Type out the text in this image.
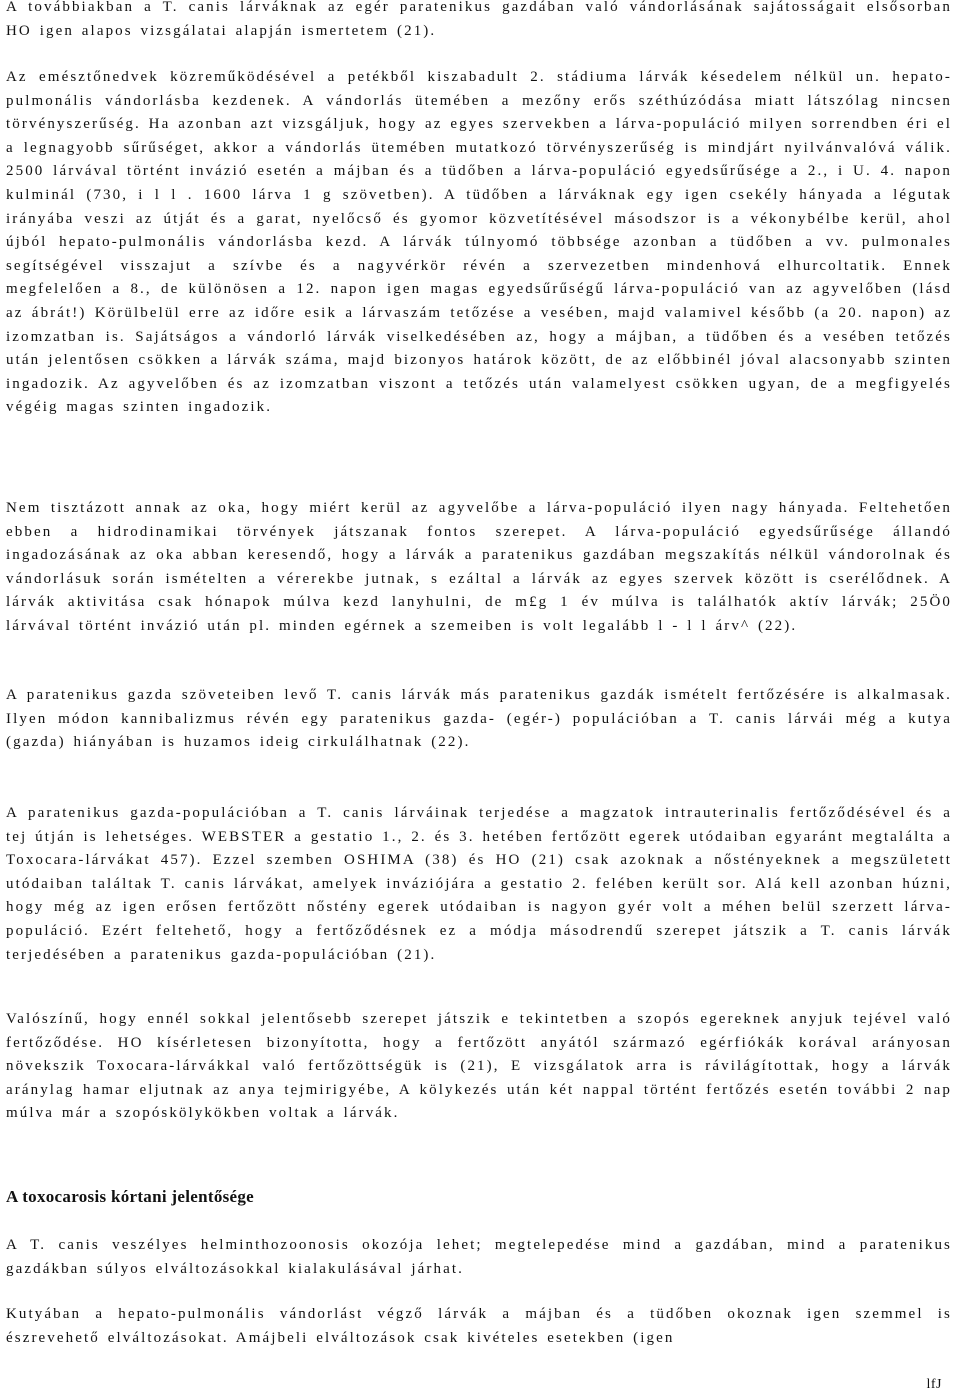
A továbbiakban a T. canis lárváknak az egér paratenikus gazdában való vándorlásának sajátosságait elsősorban HO igen alapos vizsgálatai alapján ismertetem (21).

Az emésztőnedvek közreműködésével a petékből kiszabadult 2. stádiuma lárvák késedelem nélkül un. hepato-pulmonális vándorlásba kezdenek. A vándorlás ütemében a mezőny erős széthúzódása miatt látszólag nincsen törvényszerűség. Ha azonban azt vizsgáljuk, hogy az egyes szervekben a lárva-populáció milyen sorrendben éri el a legnagyobb sűrűséget, akkor a vándorlás ütemében mutatkozó törvényszerűség is mindjárt nyilvánvalóvá válik. 2500 lárvával történt invázió esetén a májban és a tüdőben a lárva-populáció egyedsűrűsége a 2., i U. 4. napon kulminál (730, i l l . 1600 lárva 1 g szövetben). A tüdőben a lárváknak egy igen csekély hányada a légutak irányába veszi az útját és a garat, nyelőcső és gyomor közvetítésével másodszor is a vékonybélbe kerül, ahol újból hepato-pulmonális vándorlásba kezd. A lárvák túlnyomó többsége azonban a tüdőben a vv. pulmonales segítségével visszajut a szívbe és a nagyvérkör révén a szervezetben mindenhová elhurcoltatik. Ennek megfelelően a 8., de különösen a 12. napon igen magas egyedsűrűségű lárva-populáció van az agyvelőben (lásd az ábrát!) Körülbelül erre az időre esik a lárvaszám tetőzése a vesében, majd valamivel később (a 20. napon) az izomzatban is. Sajátságos a vándorló lárvák viselkedésében az, hogy a májban, a tüdőben és a vesében tetőzés után jelentősen csökken a lárvák száma, majd bizonyos határok között, de az előbbinél jóval alacsonyabb szinten ingadozik. Az agyvelőben és az izomzatban viszont a tetőzés után valamelyest csökken ugyan, de a megfigyelés végéig magas szinten ingadozik.

Nem tisztázott annak az oka, hogy miért kerül az agyvelőbe a lárva-populáció ilyen nagy hányada. Feltehetően ebben a hidrodinamikai törvények játszanak fontos szerepet. A lárva-populáció egyedsűrűsége állandó ingadozásának az oka abban keresendő, hogy a lárvák a paratenikus gazdában megszakítás nélkül vándorolnak és vándorlásuk során ismételten a vérerekbe jutnak, s ezáltal a lárvák az egyes szervek között is cserélődnek. A lárvák aktivitása csak hónapok múlva kezd lanyhulni, de m£g 1 év múlva is találhatók aktív lárvák; 25Ö0 lárvával történt invázió után pl. minden egérnek a szemeiben is volt legalább l - l l árv^ (22).

A paratenikus gazda szöveteiben levő T. canis lárvák más paratenikus gazdák ismételt fertőzésére is alkalmasak. Ilyen módon kannibalizmus révén egy paratenikus gazda- (egér-) populációban a T. canis lárvái még a kutya (gazda) hiányában is huzamos ideig cirkulálhatnak (22).

A paratenikus gazda-populációban a T. canis lárváinak terjedése a magzatok intrauterinalis fertőződésével és a tej útján is lehetséges. WEBSTER a gestatio 1., 2. és 3. hetében fertőzött egerek utódaiban egyaránt megtalálta a Toxocara-lárvákat 457). Ezzel szemben OSHIMA (38) és HO (21) csak azoknak a nőstényeknek a megszületett utódaiban találtak T. canis lárvákat, amelyek inváziójára a gestatio 2. felében került sor. Alá kell azonban húzni, hogy még az igen erősen fertőzött nőstény egerek utódaiban is nagyon gyér volt a méhen belül szerzett lárva-populáció. Ezért feltehető, hogy a fertőződésnek ez a módja másodrendű szerepet játszik a T. canis lárvák terjedésében a paratenikus gazda-populációban (21).

Valószínű, hogy ennél sokkal jelentősebb szerepet játszik e tekintetben a szopós egereknek anyjuk tejével való fertőződése. HO kísérletesen bizonyította, hogy a fertőzött anyától származó egérfiókák korával arányosan növekszik Toxocara-lárvákkal való fertőzöttségük is (21), E vizsgálatok arra is rávilágítottak, hogy a lárvák aránylag hamar eljutnak az anya tejmirigyébe, A kölykezés után két nappal történt fertőzés esetén további 2 nap múlva már a szopóskölykökben voltak a lárvák.

A toxocarosis kórtani jelentősége

A T. canis veszélyes helminthozoonosis okozója lehet; megtelepedése mind a gazdában, mind a paratenikus gazdákban súlyos elváltozásokkal kialakulásával járhat.

Kutyában a hepato-pulmonális vándorlást végző lárvák a májban és a tüdőben okoznak igen szemmel is észrevehető elváltozásokat. Amájbeli elváltozások csak kivételes esetekben (igen

lfJ
